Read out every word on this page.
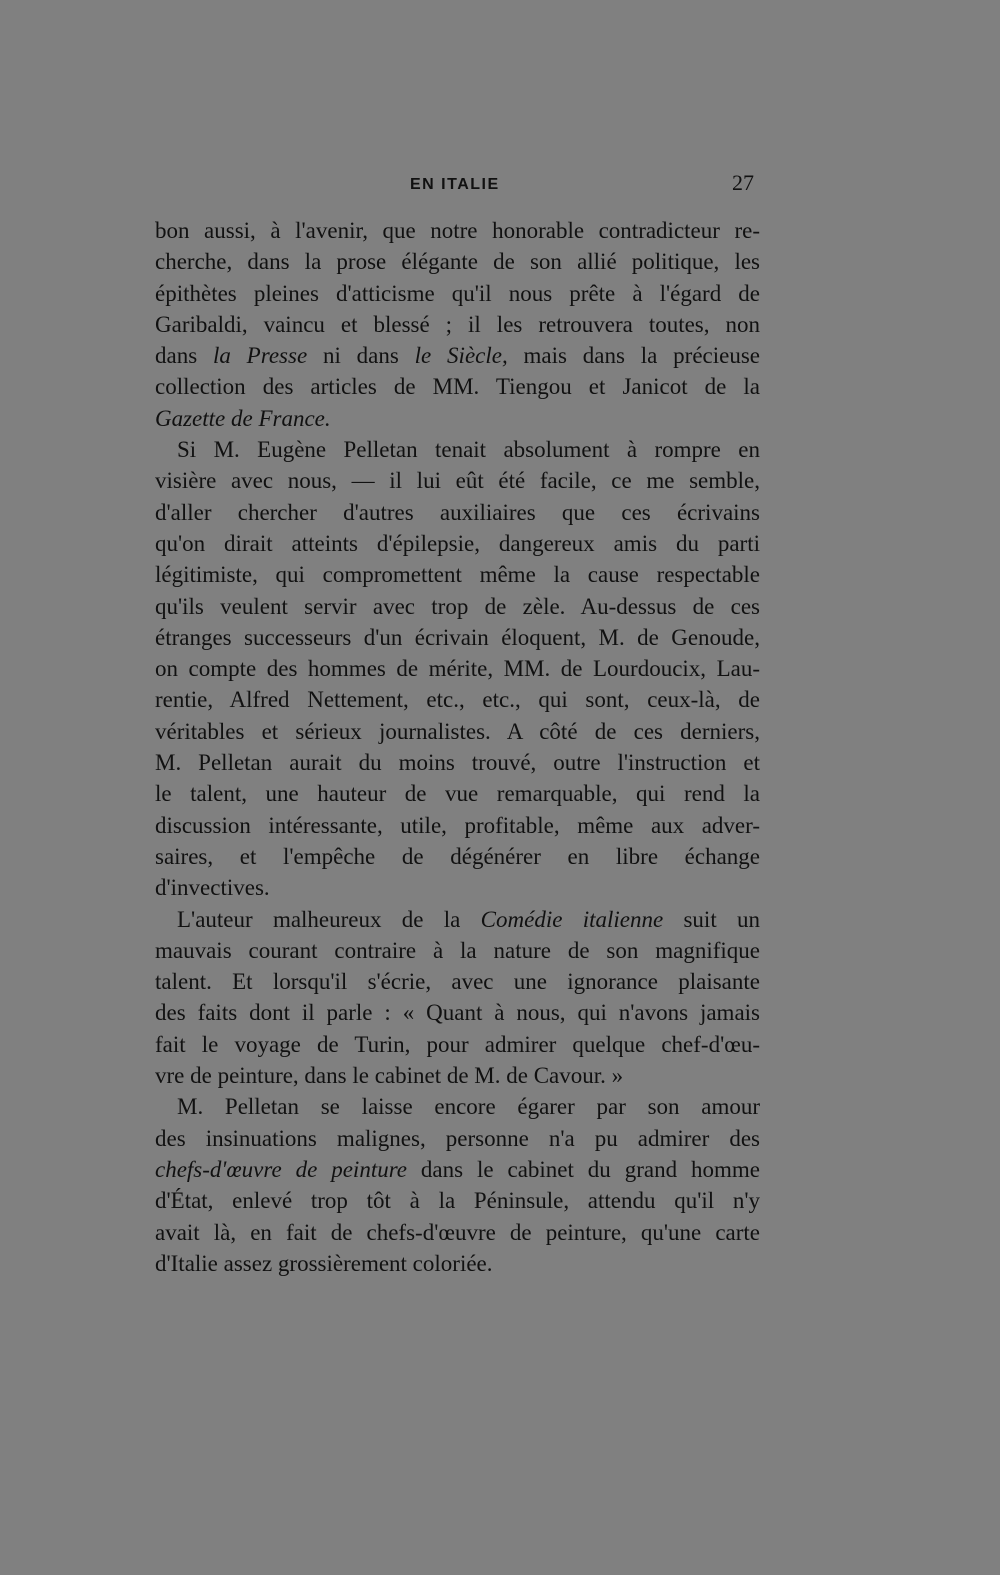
EN ITALIE	27
bon aussi, à l'avenir, que notre honorable contradicteur re-
cherche, dans la prose élégante de son allié politique, les
épithètes pleines d'atticisme qu'il nous prête à l'égard de
Garibaldi, vaincu et blessé ; il les retrouvera toutes, non
dans la Presse ni dans le Siècle, mais dans la précieuse
collection des articles de MM. Tiengou et Janicot de la
Gazette de France.
Si M. Eugène Pelletan tenait absolument à rompre en
visière avec nous, — il lui eût été facile, ce me semble,
d'aller chercher d'autres auxiliaires que ces écrivains
qu'on dirait atteints d'épilepsie, dangereux amis du parti
légitimiste, qui compromettent même la cause respectable
qu'ils veulent servir avec trop de zèle. Au-dessus de ces
étranges successeurs d'un écrivain éloquent, M. de Genoude,
on compte des hommes de mérite, MM. de Lourdoucix, Lau-
rentie, Alfred Nettement, etc., etc., qui sont, ceux-là, de
véritables et sérieux journalistes. A côté de ces derniers,
M. Pelletan aurait du moins trouvé, outre l'instruction et
le talent, une hauteur de vue remarquable, qui rend la
discussion intéressante, utile, profitable, même aux adver-
saires, et l'empêche de dégénérer en libre échange
d'invectives.
L'auteur malheureux de la Comédie italienne suit un
mauvais courant contraire à la nature de son magnifique
talent. Et lorsqu'il s'écrie, avec une ignorance plaisante
des faits dont il parle : « Quant à nous, qui n'avons jamais
fait le voyage de Turin, pour admirer quelque chef-d'œu-
vre de peinture, dans le cabinet de M. de Cavour. »
M. Pelletan se laisse encore égarer par son amour
des insinuations malignes, personne n'a pu admirer des
chefs-d'œuvre de peinture dans le cabinet du grand homme
d'État, enlevé trop tôt à la Péninsule, attendu qu'il n'y
avait là, en fait de chefs-d'œuvre de peinture, qu'une carte
d'Italie assez grossièrement coloriée.
